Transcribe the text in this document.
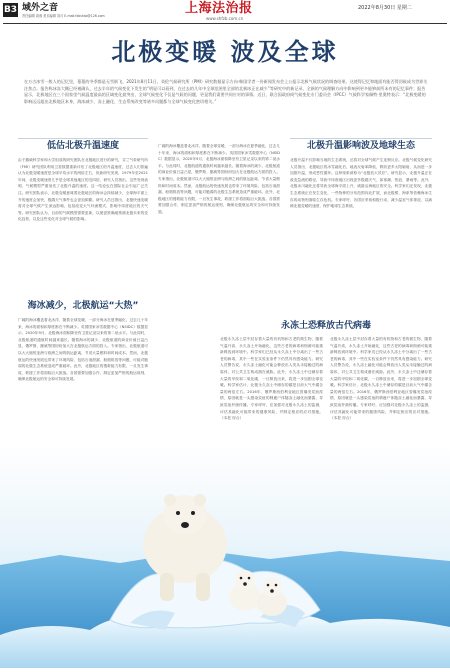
B3 域外之音
责任编辑 周蓉 美术编辑 刘月 E-mail:fzbshsb@126.com	上海法治报
www.shfzb.com.cn
2022年8月30日 星期二
北极变暖 波及全球
在万古冰雪一般人的记忆里，蔓蔓的冬季都是无雪极飞。2021年8月11日，英伦气候研究所（PMI）研究数据显示方向·韩国学者一份新闻发布会上公报示北极气候状况的调查结果。这使得记忆和地面有能否得回候成为世界关注焦点。报告称冰冻大概已经被确认，过去半年的气候变化下发生的“明显可以看到，在过去的几年中全球范围里全部的北极冰正在减少”等研究中的新记录，全新的气候理解方向中影响到更多能够前所未有的记忆事件；报告显示，北极地区在三个国家里气候温度最高的区域变化最突出，全球气候变化不仅是气候的问题，更是我们需要共同应对的事情。近日，联合国政府间气候变化专门委员会（IPCC）气候科学家佩特·里奥特表示：“北极变暖的影响远远超出北极地区本身，海冰减少、冻土融化、生态系统改变等诸多问题都与全球气候变化密切相关。”
低估北极升温速度
由于挪威科学家和大学组成的研究团队在北极地区进行的研究，芬兰气象研究所（FMI）研究团队利用卫星数据重新评估了北极地区的升温速度，过去人们普遍认为北极变暖速度是全球平均水平的两倍左右，但新研究发现，1979年至2021年间，北极变暖速度几乎是全球其他地区的近四倍，研究人员指出，这些发现表明，气候模型严重低估了北极升温的速度。这一结论也在国际社会引起广泛关注。研究团队表示，北极变暖意味着北极地区的海冰会持续减少，全球海平面上升的速度会加快，极端天气事件也会更加频繁。研究人员还指出，北极快速变暖将对全球气候产生深远影响，包括改变大气环流模式、影响中纬度地区的天气等。研究团队认为，目前的气候模型需要更新，以便更准确地预测北极未来的变化趋势，以及这些变化对全球气候的影响。
海冰减少，北极航运“大热”
广阔的海冰覆盖着北冰洋，随着全球变暖，一部分海冰在夏季融化，过去几十年来，海冰的面积和厚度都在不断减少。英国国家冰雪数据中心（NSIDC）数据显示，2020年9月，北极海冰面积降至有卫星记录以来的第二低水平。与此同时，北极航道的通航时间越来越长。随着海冰的减少，北极航道的商业价值日益凸显，俄罗斯、挪威等国纷纷加大在北极航运方面的投入。专家指出，北极航道可以大大缩短亚洲与欧洲之间的航运距离，节省大量燃料和时间成本。然而，北极航运的快速发展也带来了环境风险，包括石油泄漏、船舶排放等问题，可能对脆弱的北极生态系统造成严重破坏。此外，北极地区的搜救能力有限，一旦发生事故，救援工作将面临巨大挑战。各国需要加强合作，制定更加严格的航运规则，确保北极航运的安全和可持续发展。
广阔的海冰覆盖着北冰洋，随着全球变暖，一部分海冰在夏季融化，过去几十年来，海冰的面积和厚度都在不断减少。英国国家冰雪数据中心（NSIDC）数据显示，2020年9月，北极海冰面积降至有卫星记录以来的第二低水平。与此同时，北极航道的通航时间越来越长。随着海冰的减少，北极航道的商业价值日益凸显，俄罗斯、挪威等国纷纷加大在北极航运方面的投入。专家指出，北极航道可以大大缩短亚洲与欧洲之间的航运距离，节省大量燃料和时间成本。然而，北极航运的快速发展也带来了环境风险，包括石油泄漏、船舶排放等问题，可能对脆弱的北极生态系统造成严重破坏。此外，北极地区的搜救能力有限，一旦发生事故，救援工作将面临巨大挑战。各国需要加强合作，制定更加严格的航运规则，确保北极航运的安全和可持续发展。
北极升温影响波及地球生态
北极升温不仅影响当地的生态系统，还将对全球气候产生连锁反应。北极气候变化研究人员指出，北极地区的冰雪融化后，地表反射率降低，吸收更多太阳辐射，从而进一步加剧升温，形成恶性循环。这种现象被称为“北极放大效应”。研究显示，北极升温正在改变急流的路径，导致中纬度地区出现更多极端天气，如寒潮、热浪、暴雨等。此外，北极冰川融化还将导致全球海平面上升，威胁沿海地区的安全。科学家们还发现，北极生态系统正在发生变化，一些物种的分布范围向北扩展，而北极熊、海象等依赖海冰生存的动物则面临生存危机。专家呼吁，各国应采取积极行动，减少温室气体排放，以减缓北极变暖的速度，保护地球生态系统。
永冻土恐释放古代病毒
北极永久冻土层中封存着大量的有机物和古老的微生物，随着气温升高，永久冻土开始融化，这些古老的病毒和细菌可能重新释放到环境中。科学家们已经从永久冻土中分离出了一些古老的病毒，其中一些在实验室条件下仍然具有感染能力。研究人员警告说，永久冻土融化可能会释放出人类从未接触过的病原体，对公共卫生构成潜在威胁。此外，永久冻土中还储存着大量的甲烷和二氧化碳，一旦释放出来，将进一步加剧全球变暖。科学家估计，北极永久冻土中储存的碳是目前大气中碳含量的两倍左右。2016年，俄罗斯西伯利亚地区曾爆发炭疽疫情，原因就是一头感染炭疽的驯鹿尸体随冻土融化而暴露，导致炭疽杆菌传播。专家呼吁，应加强对北极永久冻土的监测，评估其融化可能带来的健康风险，并制定相应的应对措施。（本报 综合）
北极永久冻土层中封存着大量的有机物和古老的微生物，随着气温升高，永久冻土开始融化，这些古老的病毒和细菌可能重新释放到环境中。科学家们已经从永久冻土中分离出了一些古老的病毒，其中一些在实验室条件下仍然具有感染能力。研究人员警告说，永久冻土融化可能会释放出人类从未接触过的病原体，对公共卫生构成潜在威胁。此外，永久冻土中还储存着大量的甲烷和二氧化碳，一旦释放出来，将进一步加剧全球变暖。科学家估计，北极永久冻土中储存的碳是目前大气中碳含量的两倍左右。2016年，俄罗斯西伯利亚地区曾爆发炭疽疫情，原因就是一头感染炭疽的驯鹿尸体随冻土融化而暴露，导致炭疽杆菌传播。专家呼吁，应加强对北极永久冻土的监测，评估其融化可能带来的健康风险，并制定相应的应对措施。（本报 综合）
